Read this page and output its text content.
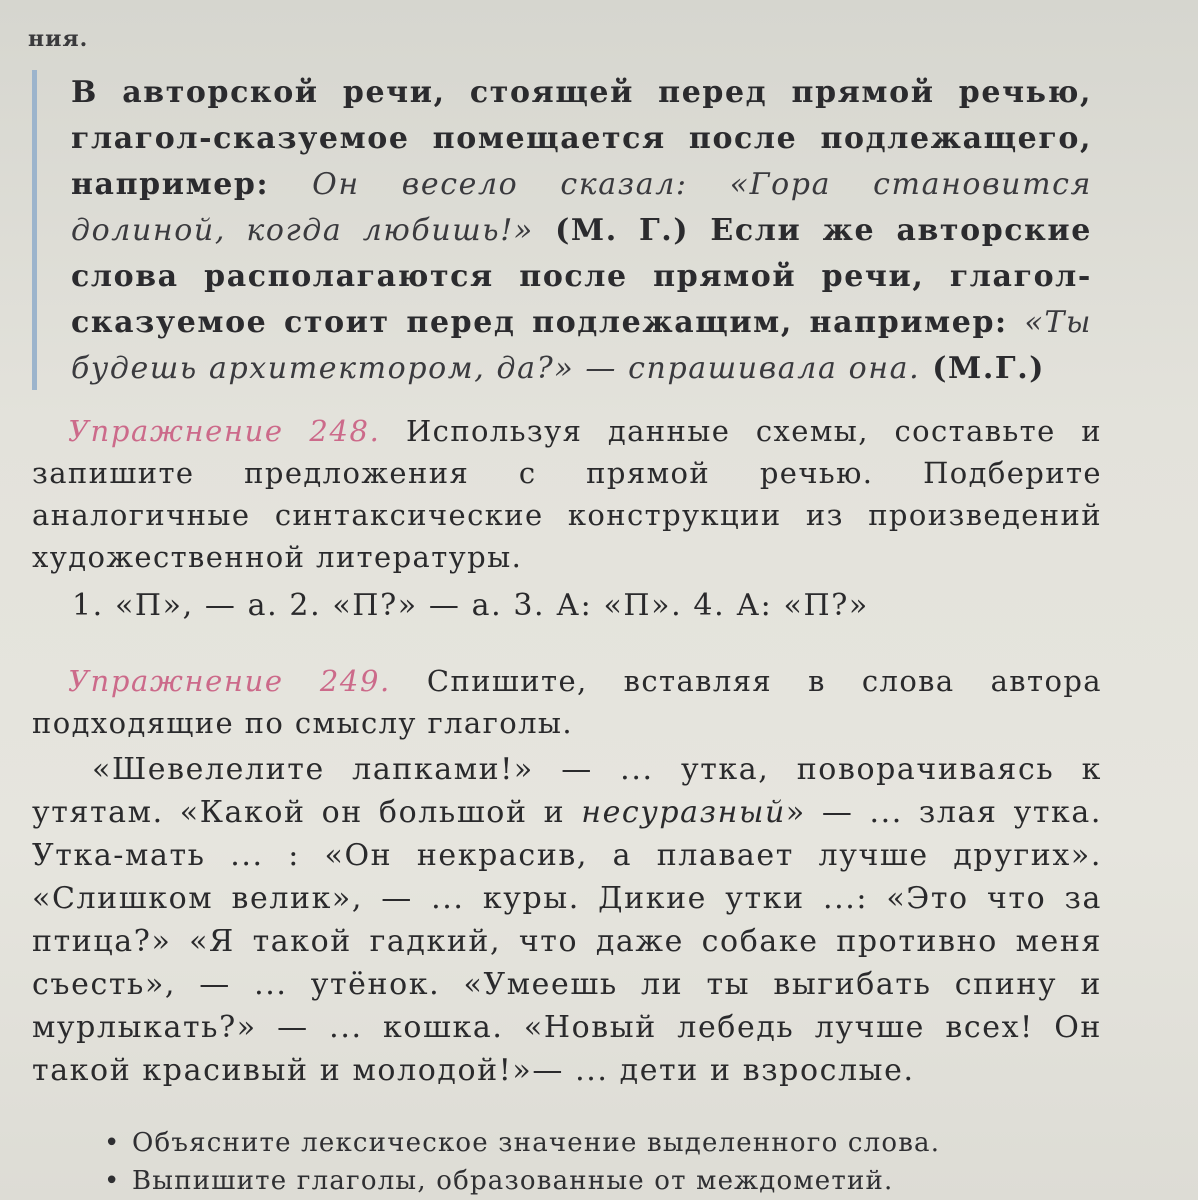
ния.

В авторской речи, стоящей перед прямой речью, глагол-сказуемое помещается после подлежащего, например: Он весело сказал: «Гора становится долиной, когда любишь!» (М. Г.) Если же авторские слова располагаются после прямой речи, глагол-сказуемое стоит перед подлежащим, например: «Ты будешь архитектором, да?» — спрашивала она. (М.Г.)

Упражнение 248. Используя данные схемы, составьте и запишите предложения с прямой речью. Подберите аналогичные синтаксические конструкции из произведений художественной литературы.

1. «П», — а. 2. «П?» — а. 3. А: «П». 4. А: «П?»

Упражнение 249. Спишите, вставляя в слова автора подходящие по смыслу глаголы.

«Шевелелите лапками!» — ... утка, поворачиваясь к утятам. «Какой он большой и несуразный» — ... злая утка. Утка-мать ... : «Он некрасив, а плавает лучше других». «Слишком велик», — ... куры. Дикие утки ...: «Это что за птица?» «Я такой гадкий, что даже собаке противно меня съесть», — ... утёнок. «Умеешь ли ты выгибать спину и мурлыкать?» — ... кошка. «Новый лебедь лучше всех! Он такой красивый и молодой!»— ... дети и взрослые.

• Объясните лексическое значение выделенного слова.
• Выпишите глаголы, образованные от междометий.
